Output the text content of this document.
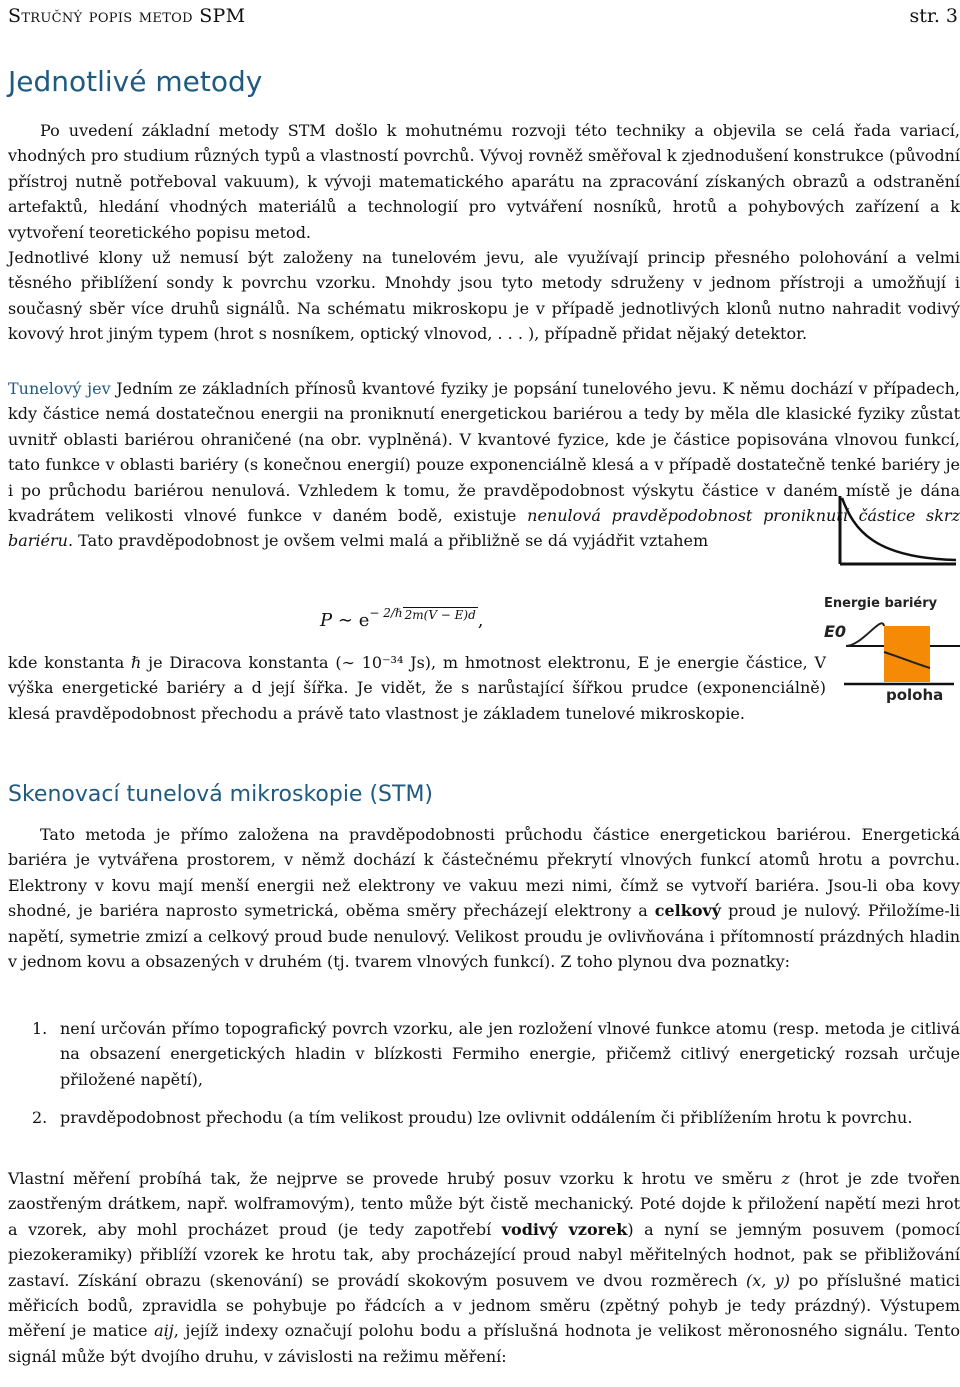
Stručný popis metod SPM	str. 3
Jednotlivé metody

Po uvedení základní metody STM došlo k mohutnému rozvoji této techniky a objevila se celá řada variací, vhodných pro studium různých typů a vlastností povrchů. Vývoj rovněž směřoval k zjednodušení konstrukce (původní přístroj nutně potřeboval vakuum), k vývoji matematického aparátu na zpracování získaných obrazů a odstranění artefaktů, hledání vhodných materiálů a technologií pro vytváření nosníků, hrotů a pohybových zařízení a k vytvoření teoretického popisu metod.

Jednotlivé klony už nemusí být založeny na tunelovém jevu, ale využívají princip přesného polohování a velmi těsného přiblížení sondy k povrchu vzorku. Mnohdy jsou tyto metody sdruženy v jednom přístroji a umožňují i současný sběr více druhů signálů. Na schématu mikroskopu je v případě jednotlivých klonů nutno nahradit vodivý kovový hrot jiným typem (hrot s nosníkem, optický vlnovod, . . . ), případně přidat nějaký detektor.

Tunelový jev Jedním ze základních přínosů kvantové fyziky je popsání tunelového jevu. K němu dochází v případech, kdy částice nemá dostatečnou energii na proniknutí energetickou bariérou a tedy by měla dle klasické fyziky zůstat uvnitř oblasti bariérou ohraničené (na obr. vyplněná). V kvantové fyzice, kde je částice popisována vlnovou funkcí, tato funkce v oblasti bariéry (s konečnou energií) pouze exponenciálně klesá a v případě dostatečně tenké bariéry je i po průchodu bariérou nenulová. Vzhledem k tomu, že pravděpodobnost výskytu částice v daném místě je dána kvadrátem velikosti vlnové funkce v daném bodě, existuje nenulová pravděpodobnost proniknutí částice skrz bariéru. Tato pravděpodobnost je ovšem velmi malá a přibližně se dá vyjádřit vztahem

P ∼ $e^{- 2/\hbar}$ $^{2m(V - E)d}$ ,

kde konstanta ℏ je Diracova konstanta (∼ 10⁻³⁴ Js), m hmotnost elektronu, E je energie částice, V výška energetické bariéry a d její šířka. Je vidět, že s narůstající šířkou prudce (exponenciálně) klesá pravděpodobnost přechodu a právě tato vlastnost je základem tunelové mikroskopie.

Energie bariéry
E0
poloha
Skenovací tunelová mikroskopie (STM)

Tato metoda je přímo založena na pravděpodobnosti průchodu částice energetickou bariérou. Energetická bariéra je vytvářena prostorem, v němž dochází k částečnému překrytí vlnových funkcí atomů hrotu a povrchu. Elektrony v kovu mají menší energii než elektrony ve vakuu mezi nimi, čímž se vytvoří bariéra. Jsou-li oba kovy shodné, je bariéra naprosto symetrická, oběma směry přecházejí elektrony a celkový proud je nulový. Přiložíme-li napětí, symetrie zmizí a celkový proud bude nenulový. Velikost proudu je ovlivňována i přítomností prázdných hladin v jednom kovu a obsazených v druhém (tj. tvarem vlnových funkcí). Z toho plynou dva poznatky:

1. není určován přímo topografický povrch vzorku, ale jen rozložení vlnové funkce atomu (resp. metoda je citlivá na obsazení energetických hladin v blízkosti Fermiho energie, přičemž citlivý energetický rozsah určuje přiložené napětí),

2. pravděpodobnost přechodu (a tím velikost proudu) lze ovlivnit oddálením či přiblížením hrotu k povrchu.

Vlastní měření probíhá tak, že nejprve se provede hrubý posuv vzorku k hrotu ve směru z (hrot je zde tvořen zaostřeným drátkem, např. wolframovým), tento může být čistě mechanický. Poté dojde k přiložení napětí mezi hrot a vzorek, aby mohl procházet proud (je tedy zapotřebí vodivý vzorek) a nyní se jemným posuvem (pomocí piezokeramiky) přiblíží vzorek ke hrotu tak, aby procházející proud nabyl měřitelných hodnot, pak se přibližování zastaví. Získání obrazu (skenování) se provádí skokovým posuvem ve dvou rozměrech (x, y) po příslušné matici měřicích bodů, zpravidla se pohybuje po řádcích a v jednom směru (zpětný pohyb je tedy prázdný). Výstupem měření je matice aij, jejíž indexy označují polohu bodu a příslušná hodnota je velikost měronosného signálu. Tento signál může být dvojího druhu, v závislosti na režimu měření:
